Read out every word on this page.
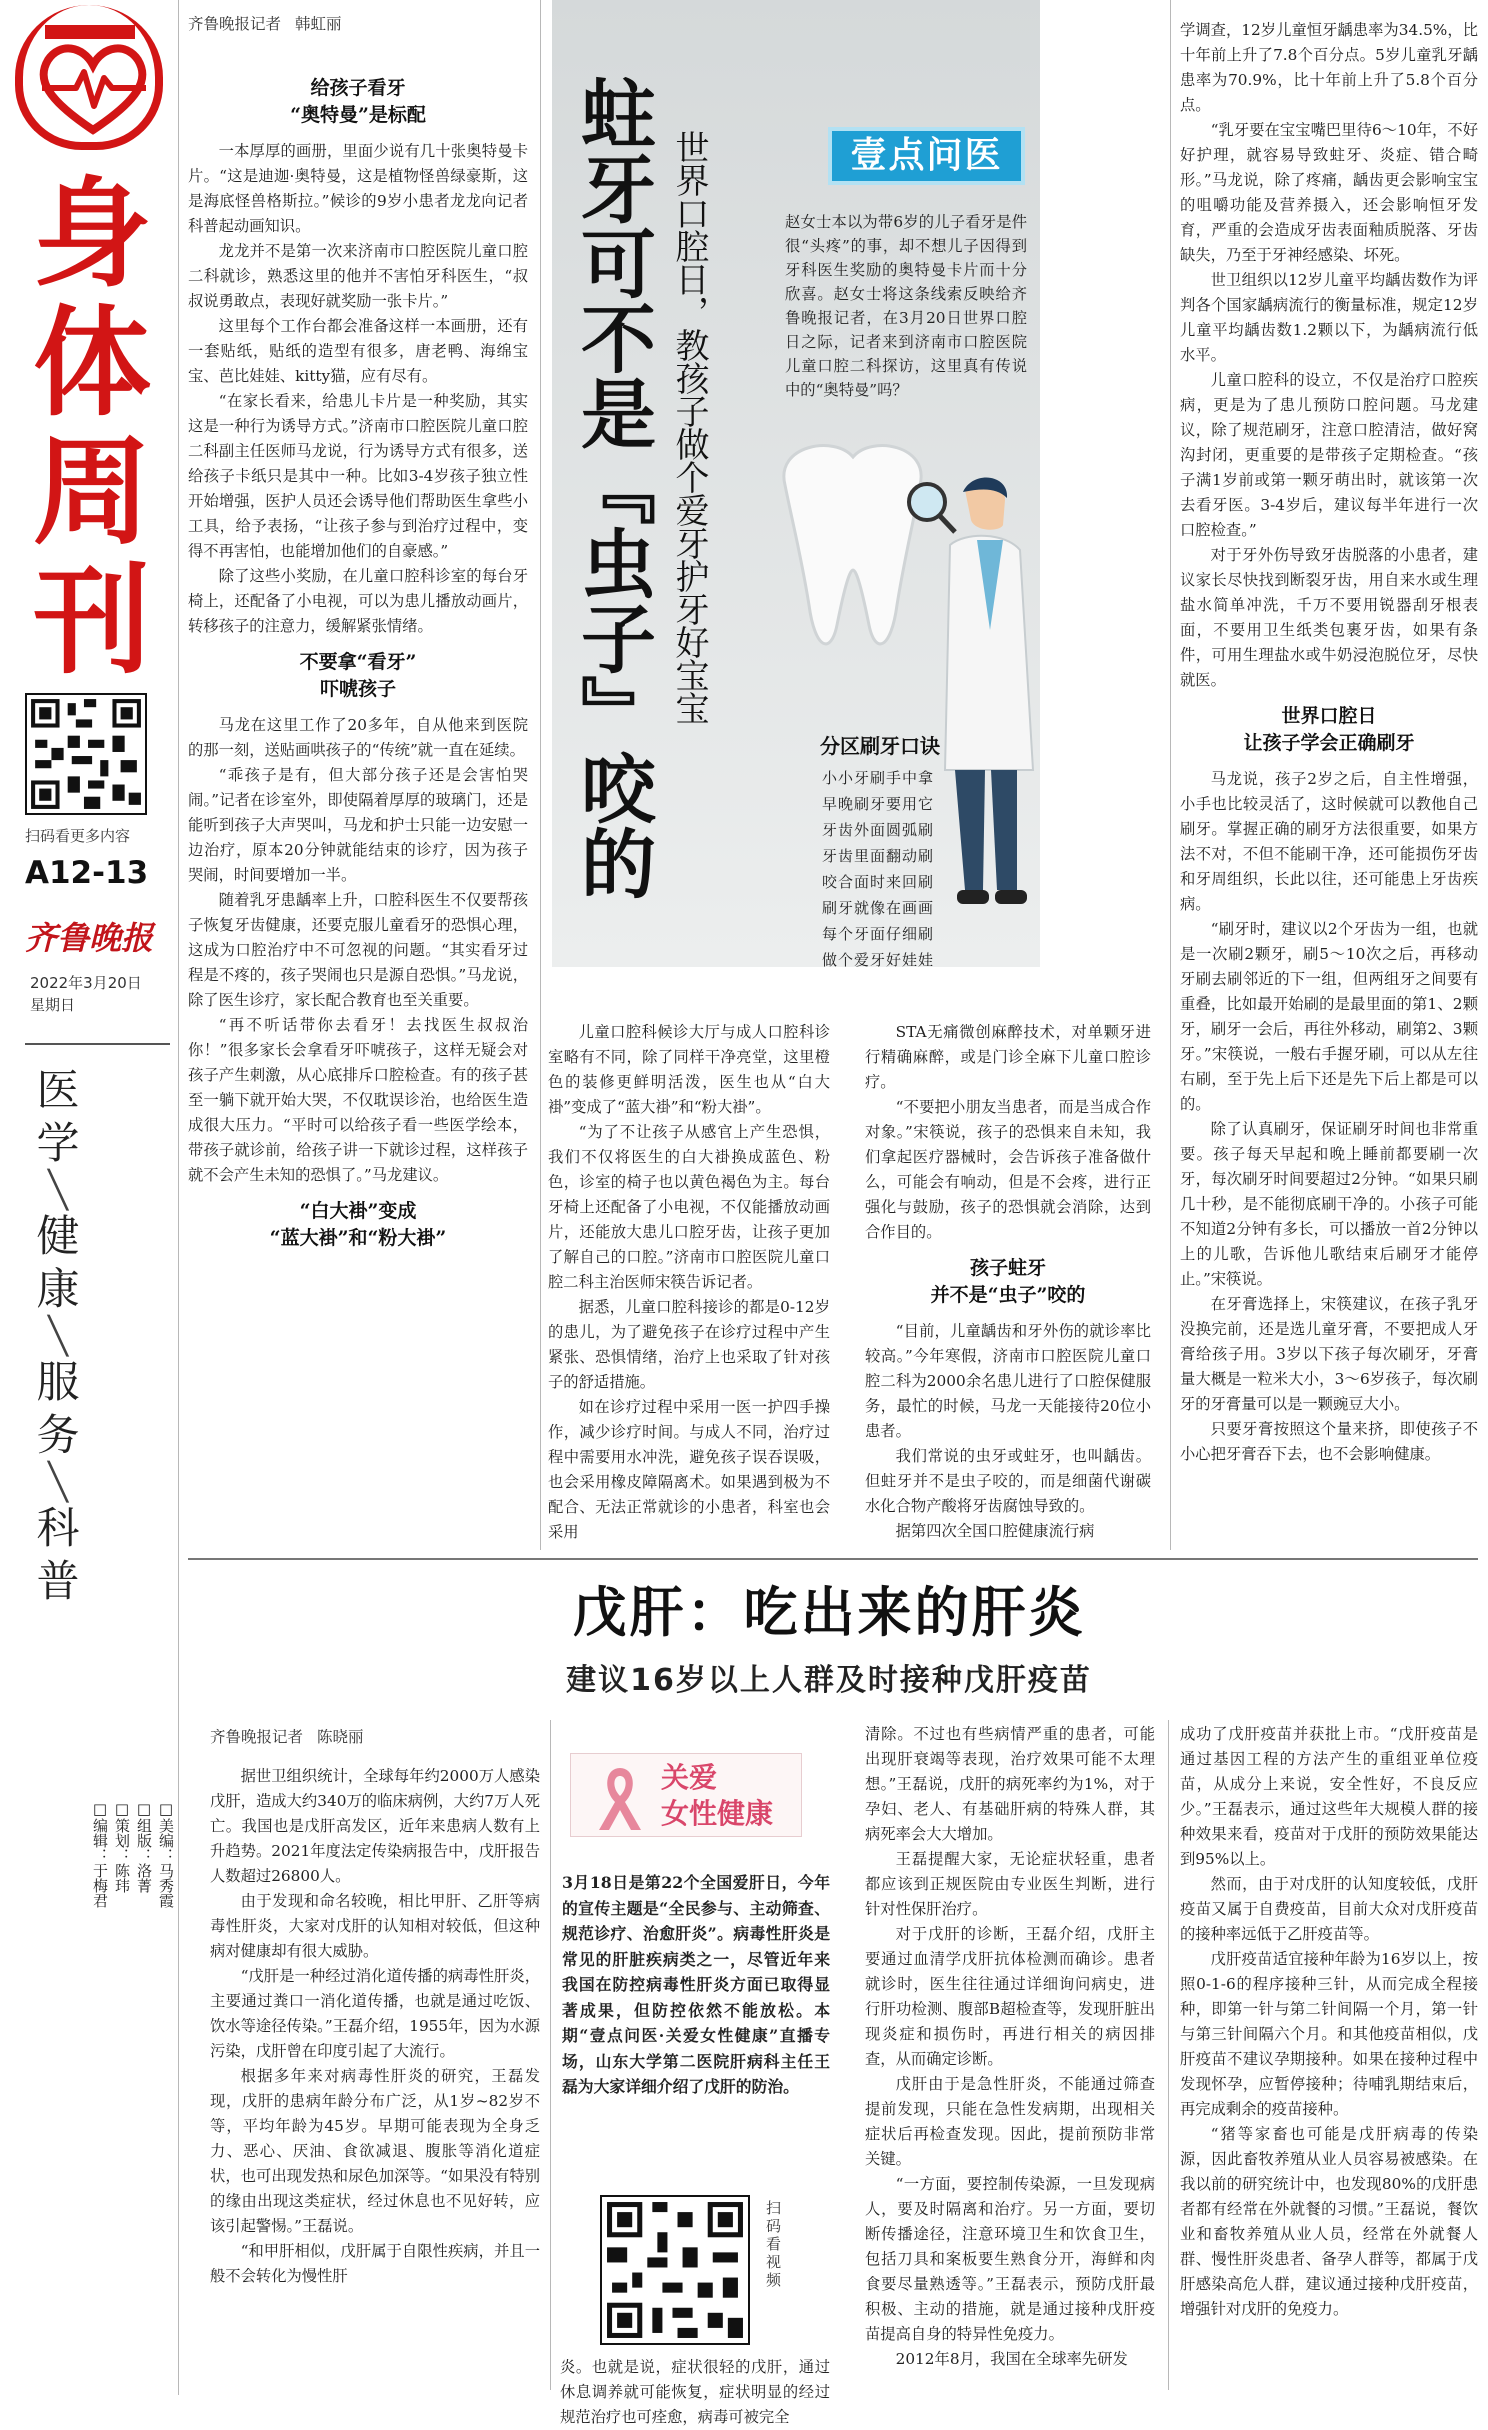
身体周刊
扫码看更多内容
A12-13
齐鲁晚报
2022年3月20日
星期日
医学
╲
健康
╲
服务
╲
科普
□美编：马秀霞
□组版：洛菁
□策划：陈玮
□编辑：于梅君
齐鲁晚报记者 韩虹丽
给孩子看牙
“奥特曼”是标配

一本厚厚的画册，里面少说有几十张奥特曼卡片。“这是迪迦·奥特曼，这是植物怪兽绿豪斯，这是海底怪兽格斯拉。”候诊的9岁小患者龙龙向记者科普起动画知识。

龙龙并不是第一次来济南市口腔医院儿童口腔二科就诊，熟悉这里的他并不害怕牙科医生，“叔叔说勇敢点，表现好就奖励一张卡片。”

这里每个工作台都会准备这样一本画册，还有一套贴纸，贴纸的造型有很多，唐老鸭、海绵宝宝、芭比娃娃、kitty猫，应有尽有。

“在家长看来，给患儿卡片是一种奖励，其实这是一种行为诱导方式。”济南市口腔医院儿童口腔二科副主任医师马龙说，行为诱导方式有很多，送给孩子卡纸只是其中一种。比如3-4岁孩子独立性开始增强，医护人员还会诱导他们帮助医生拿些小工具，给予表扬，“让孩子参与到治疗过程中，变得不再害怕，也能增加他们的自豪感。”

除了这些小奖励，在儿童口腔科诊室的每台牙椅上，还配备了小电视，可以为患儿播放动画片，转移孩子的注意力，缓解紧张情绪。

不要拿“看牙”
吓唬孩子

马龙在这里工作了20多年，自从他来到医院的那一刻，送贴画哄孩子的“传统”就一直在延续。

“乖孩子是有，但大部分孩子还是会害怕哭闹。”记者在诊室外，即使隔着厚厚的玻璃门，还是能听到孩子大声哭叫，马龙和护士只能一边安慰一边治疗，原本20分钟就能结束的诊疗，因为孩子哭闹，时间要增加一半。

随着乳牙患龋率上升，口腔科医生不仅要帮孩子恢复牙齿健康，还要克服儿童看牙的恐惧心理，这成为口腔治疗中不可忽视的问题。“其实看牙过程是不疼的，孩子哭闹也只是源自恐惧。”马龙说，除了医生诊疗，家长配合教育也至关重要。

“再不听话带你去看牙！去找医生叔叔治你！”很多家长会拿看牙吓唬孩子，这样无疑会对孩子产生刺激，从心底排斥口腔检查。有的孩子甚至一躺下就开始大哭，不仅耽误诊治，也给医生造成很大压力。“平时可以给孩子看一些医学绘本，带孩子就诊前，给孩子讲一下就诊过程，这样孩子就不会产生未知的恐惧了。”马龙建议。

“白大褂”变成
“蓝大褂”和“粉大褂”
蛀牙可不是『虫子』咬的 世界口腔日，教孩子做个爱牙护牙好宝宝	壹点问医
赵女士本以为带6岁的儿子看牙是件很“头疼”的事，却不想儿子因得到牙科医生奖励的奥特曼卡片而十分欣喜。赵女士将这条线索反映给齐鲁晚报记者，在3月20日世界口腔日之际，记者来到济南市口腔医院儿童口腔二科探访，这里真有传说中的“奥特曼”吗？
分区刷牙口诀
小小牙刷手中拿
早晚刷牙要用它
牙齿外面圆弧刷
牙齿里面翻动刷
咬合面时来回刷
刷牙就像在画画
每个牙面仔细刷
做个爱牙好娃娃

儿童口腔科候诊大厅与成人口腔科诊室略有不同，除了同样干净亮堂，这里橙色的装修更鲜明活泼，医生也从“白大褂”变成了“蓝大褂”和“粉大褂”。

“为了不让孩子从感官上产生恐惧，我们不仅将医生的白大褂换成蓝色、粉色，诊室的椅子也以黄色褐色为主。每台牙椅上还配备了小电视，不仅能播放动画片，还能放大患儿口腔牙齿，让孩子更加了解自己的口腔。”济南市口腔医院儿童口腔二科主治医师宋筷告诉记者。

据悉，儿童口腔科接诊的都是0-12岁的患儿，为了避免孩子在诊疗过程中产生紧张、恐惧情绪，治疗上也采取了针对孩子的舒适措施。

如在诊疗过程中采用一医一护四手操作，减少诊疗时间。与成人不同，治疗过程中需要用水冲洗，避免孩子误吞误吸，也会采用橡皮障隔离术。如果遇到极为不配合、无法正常就诊的小患者，科室也会采用

STA无痛微创麻醉技术，对单颗牙进行精确麻醉，或是门诊全麻下儿童口腔诊疗。

“不要把小朋友当患者，而是当成合作对象。”宋筷说，孩子的恐惧来自未知，我们拿起医疗器械时，会告诉孩子准备做什么，可能会有响动，但是不会疼，进行正强化与鼓励，孩子的恐惧就会消除，达到合作目的。

孩子蛀牙
并不是“虫子”咬的

“目前，儿童龋齿和牙外伤的就诊率比较高。”今年寒假，济南市口腔医院儿童口腔二科为2000余名患儿进行了口腔保健服务，最忙的时候，马龙一天能接待20位小患者。

我们常说的虫牙或蛀牙，也叫龋齿。但蛀牙并不是虫子咬的，而是细菌代谢碳水化合物产酸将牙齿腐蚀导致的。

据第四次全国口腔健康流行病

学调查，12岁儿童恒牙龋患率为34.5%，比十年前上升了7.8个百分点。5岁儿童乳牙龋患率为70.9%，比十年前上升了5.8个百分点。

“乳牙要在宝宝嘴巴里待6～10年，不好好护理，就容易导致蛀牙、炎症、错合畸形。”马龙说，除了疼痛，龋齿更会影响宝宝的咀嚼功能及营养摄入，还会影响恒牙发育，严重的会造成牙齿表面釉质脱落、牙齿缺失，乃至于牙神经感染、坏死。

世卫组织以12岁儿童平均龋齿数作为评判各个国家龋病流行的衡量标准，规定12岁儿童平均龋齿数1.2颗以下，为龋病流行低水平。

儿童口腔科的设立，不仅是治疗口腔疾病，更是为了患儿预防口腔问题。马龙建议，除了规范刷牙，注意口腔清洁，做好窝沟封闭，更重要的是带孩子定期检查。“孩子满1岁前或第一颗牙萌出时，就该第一次去看牙医。3-4岁后，建议每半年进行一次口腔检查。”

对于牙外伤导致牙齿脱落的小患者，建议家长尽快找到断裂牙齿，用自来水或生理盐水简单冲洗，千万不要用锐器刮牙根表面，不要用卫生纸类包裹牙齿，如果有条件，可用生理盐水或牛奶浸泡脱位牙，尽快就医。

世界口腔日
让孩子学会正确刷牙

马龙说，孩子2岁之后，自主性增强，小手也比较灵活了，这时候就可以教他自己刷牙。掌握正确的刷牙方法很重要，如果方法不对，不但不能刷干净，还可能损伤牙齿和牙周组织，长此以往，还可能患上牙齿疾病。

“刷牙时，建议以2个牙齿为一组，也就是一次刷2颗牙，刷5～10次之后，再移动牙刷去刷邻近的下一组，但两组牙之间要有重叠，比如最开始刷的是最里面的第1、2颗牙，刷牙一会后，再往外移动，刷第2、3颗牙。”宋筷说，一般右手握牙刷，可以从左往右刷，至于先上后下还是先下后上都是可以的。

除了认真刷牙，保证刷牙时间也非常重要。孩子每天早起和晚上睡前都要刷一次牙，每次刷牙时间要超过2分钟。“如果只刷几十秒，是不能彻底刷干净的。小孩子可能不知道2分钟有多长，可以播放一首2分钟以上的儿歌，告诉他儿歌结束后刷牙才能停止。”宋筷说。

在牙膏选择上，宋筷建议，在孩子乳牙没换完前，还是选儿童牙膏，不要把成人牙膏给孩子用。3岁以下孩子每次刷牙，牙膏量大概是一粒米大小，3～6岁孩子，每次刷牙的牙膏量可以是一颗豌豆大小。

只要牙膏按照这个量来挤，即使孩子不小心把牙膏吞下去，也不会影响健康。

戊肝：吃出来的肝炎
建议16岁以上人群及时接种戊肝疫苗
齐鲁晚报记者 陈晓丽

据世卫组织统计，全球每年约2000万人感染戊肝，造成大约340万的临床病例，大约7万人死亡。我国也是戊肝高发区，近年来患病人数有上升趋势。2021年度法定传染病报告中，戊肝报告人数超过26800人。

由于发现和命名较晚，相比甲肝、乙肝等病毒性肝炎，大家对戊肝的认知相对较低，但这种病对健康却有很大威胁。

“戊肝是一种经过消化道传播的病毒性肝炎，主要通过粪口一消化道传播，也就是通过吃饭、饮水等途径传染。”王磊介绍，1955年，因为水源污染，戊肝曾在印度引起了大流行。

根据多年来对病毒性肝炎的研究，王磊发现，戊肝的患病年龄分布广泛，从1岁~82岁不等，平均年龄为45岁。早期可能表现为全身乏力、恶心、厌油、食欲减退、腹胀等消化道症状，也可出现发热和尿色加深等。“如果没有特别的缘由出现这类症状，经过休息也不见好转，应该引起警惕。”王磊说。

“和甲肝相似，戊肝属于自限性疾病，并且一般不会转化为慢性肝

关爱
女性健康
3月18日是第22个全国爱肝日，今年的宣传主题是“全民参与、主动筛查、规范诊疗、治愈肝炎”。病毒性肝炎是常见的肝脏疾病类之一，尽管近年来我国在防控病毒性肝炎方面已取得显著成果，但防控依然不能放松。本期“壹点问医·关爱女性健康”直播专场，山东大学第二医院肝病科主任王磊为大家详细介绍了戊肝的防治。
扫码看视频

炎。也就是说，症状很轻的戊肝，通过休息调养就可能恢复，症状明显的经过规范治疗也可痊愈，病毒可被完全

清除。不过也有些病情严重的患者，可能出现肝衰竭等表现，治疗效果可能不太理想。”王磊说，戊肝的病死率约为1%，对于孕妇、老人、有基础肝病的特殊人群，其病死率会大大增加。

王磊提醒大家，无论症状轻重，患者都应该到正规医院由专业医生判断，进行针对性保肝治疗。

对于戊肝的诊断，王磊介绍，戊肝主要通过血清学戊肝抗体检测而确诊。患者就诊时，医生往往通过详细询问病史，进行肝功检测、腹部B超检查等，发现肝脏出现炎症和损伤时，再进行相关的病因排查，从而确定诊断。

戊肝由于是急性肝炎，不能通过筛查提前发现，只能在急性发病期，出现相关症状后再检查发现。因此，提前预防非常关键。

“一方面，要控制传染源，一旦发现病人，要及时隔离和治疗。另一方面，要切断传播途径，注意环境卫生和饮食卫生，包括刀具和案板要生熟食分开，海鲜和肉食要尽量熟透等。”王磊表示，预防戊肝最积极、主动的措施，就是通过接种戊肝疫苗提高自身的特异性免疫力。

2012年8月，我国在全球率先研发

成功了戊肝疫苗并获批上市。“戊肝疫苗是通过基因工程的方法产生的重组亚单位疫苗，从成分上来说，安全性好，不良反应少。”王磊表示，通过这些年大规模人群的接种效果来看，疫苗对于戊肝的预防效果能达到95%以上。

然而，由于对戊肝的认知度较低，戊肝疫苗又属于自费疫苗，目前大众对戊肝疫苗的接种率远低于乙肝疫苗等。

戊肝疫苗适宜接种年龄为16岁以上，按照0-1-6的程序接种三针，从而完成全程接种，即第一针与第二针间隔一个月，第一针与第三针间隔六个月。和其他疫苗相似，戊肝疫苗不建议孕期接种。如果在接种过程中发现怀孕，应暂停接种；待哺乳期结束后，再完成剩余的疫苗接种。

“猪等家畜也可能是戊肝病毒的传染源，因此畜牧养殖从业人员容易被感染。在我以前的研究统计中，也发现80%的戊肝患者都有经常在外就餐的习惯。”王磊说，餐饮业和畜牧养殖从业人员，经常在外就餐人群、慢性肝炎患者、备孕人群等，都属于戊肝感染高危人群，建议通过接种戊肝疫苗，增强针对戊肝的免疫力。
